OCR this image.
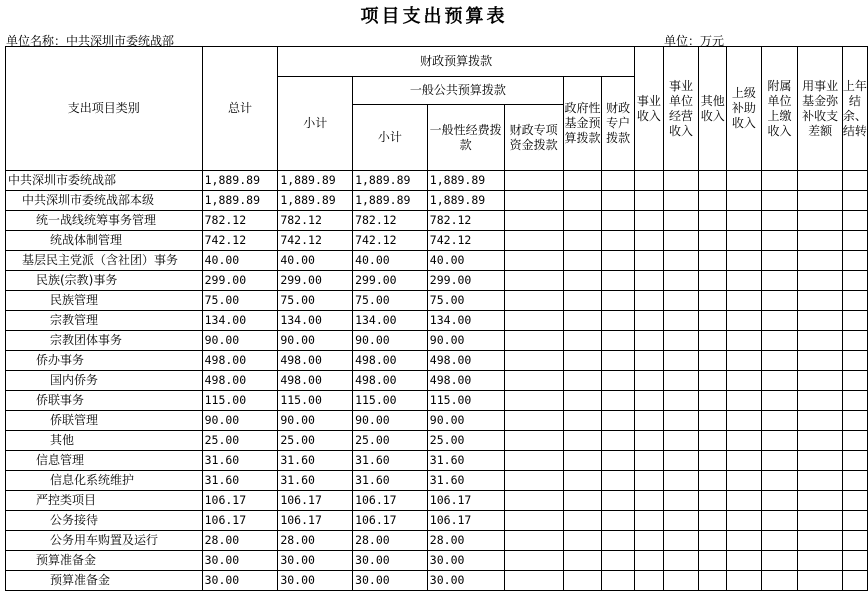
项目支出预算表
单位名称：中共深圳市委统战部	单位：万元
支出项目类别	总计	财政预算拨款						事业收入	事业单位经营收入	其他收入	上级补助收入	附属单位上缴收入	用事业基金弥补收支差额	上年结余、结转
		小计	一般公共预算拨款			政府性基金预算拨款	财政专户拨款							
			小计	一般性经费拨款	财政专项资金拨款									
中共深圳市委统战部	1,889.89	1,889.89	1,889.89	1,889.89										
中共深圳市委统战部本级	1,889.89	1,889.89	1,889.89	1,889.89										
统一战线统筹事务管理	782.12	782.12	782.12	782.12										
统战体制管理	742.12	742.12	742.12	742.12										
基层民主党派（含社团）事务	40.00	40.00	40.00	40.00										
民族(宗教)事务	299.00	299.00	299.00	299.00										
民族管理	75.00	75.00	75.00	75.00										
宗教管理	134.00	134.00	134.00	134.00										
宗教团体事务	90.00	90.00	90.00	90.00										
侨办事务	498.00	498.00	498.00	498.00										
国内侨务	498.00	498.00	498.00	498.00										
侨联事务	115.00	115.00	115.00	115.00										
侨联管理	90.00	90.00	90.00	90.00										
其他	25.00	25.00	25.00	25.00										
信息管理	31.60	31.60	31.60	31.60										
信息化系统维护	31.60	31.60	31.60	31.60										
严控类项目	106.17	106.17	106.17	106.17										
公务接待	106.17	106.17	106.17	106.17										
公务用车购置及运行	28.00	28.00	28.00	28.00										
预算准备金	30.00	30.00	30.00	30.00										
预算准备金	30.00	30.00	30.00	30.00										
